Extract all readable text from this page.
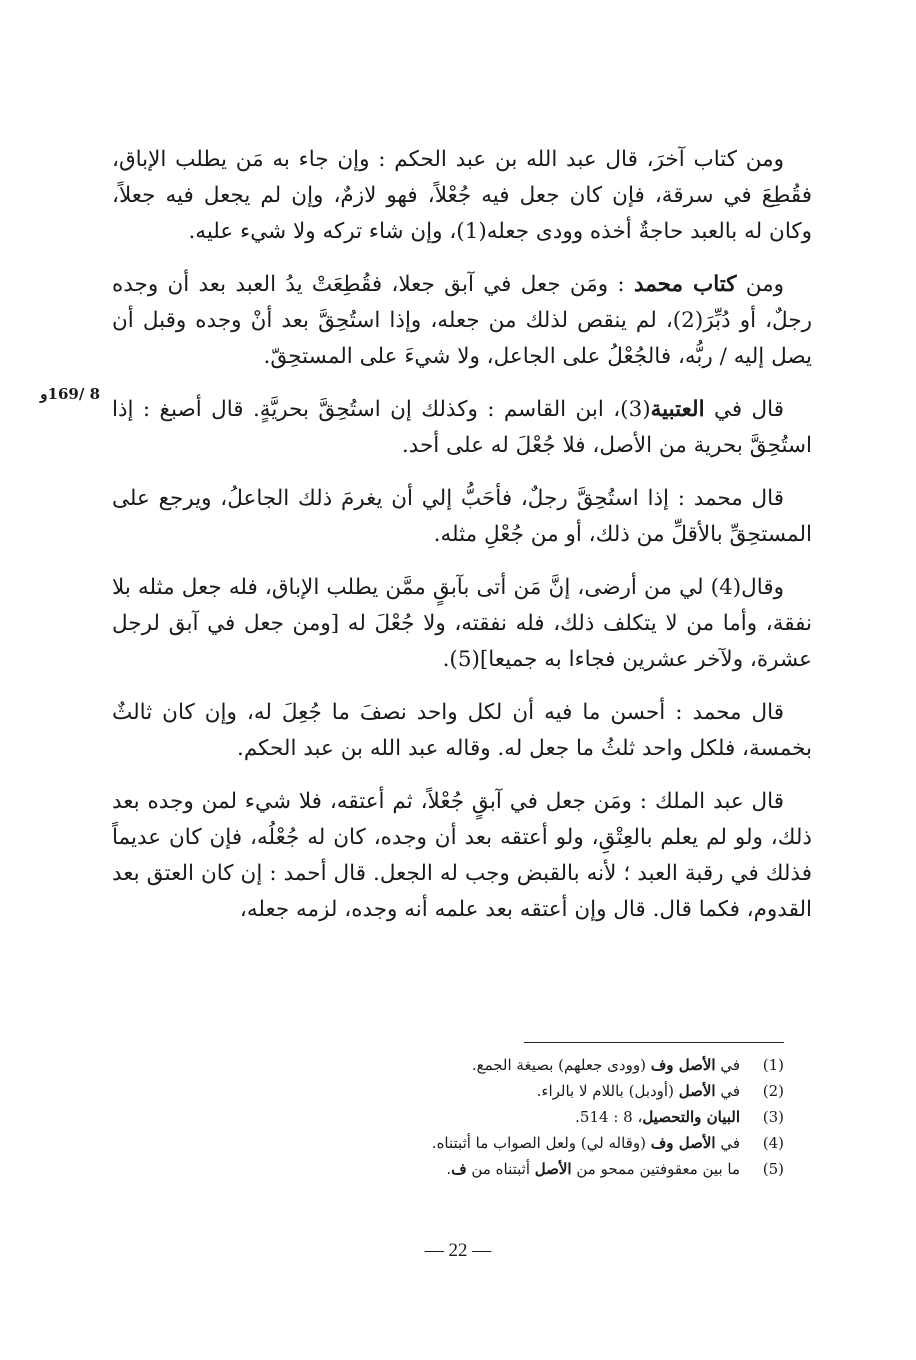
ومن كتاب آخرَ، قال عبد الله بن عبد الحكم : وإن جاء به مَن يطلب الإباق، فقُطِعَ في سرقة، فإن كان جعل فيه جُعْلاً، فهو لازمٌ، وإن لم يجعل فيه جعلاً، وكان له بالعبد حاجةٌ أخذه وودى جعله(1)، وإن شاء تركه ولا شيء عليه.

ومن كتاب محمد : ومَن جعل في آبق جعلا، فقُطِعَتْ يدُ العبد بعد أن وجده رجلٌ، أو دُبِّرَ(2)، لم ينقص لذلك من جعله، وإذا استُحِقَّ بعد أنْ وجده وقبل أن يصل إليه / ربُّه، فالجُعْلُ على الجاعل، ولا شيءَ على المستحِقّ.

قال في العتبية(3)، ابن القاسم : وكذلك إن استُحِقَّ بحريَّةٍ. قال أصبغ : إذا استُحِقَّ بحرية من الأصل، فلا جُعْلَ له على أحد.

قال محمد : إذا استُحِقَّ رجلٌ، فأحَبُّ إلي أن يغرمَ ذلك الجاعلُ، ويرجع على المستحِقِّ بالأقلِّ من ذلك، أو من جُعْلِ مثله.

وقال(4) لي من أرضى، إنَّ مَن أتى بآبقٍ ممَّن يطلب الإباق، فله جعل مثله بلا نفقة، وأما من لا يتكلف ذلك، فله نفقته، ولا جُعْلَ له [ومن جعل في آبق لرجل عشرة، ولآخر عشرين فجاءا به جميعا](5).

قال محمد : أحسن ما فيه أن لكل واحد نصفَ ما جُعِلَ له، وإن كان ثالثٌ بخمسة، فلكل واحد ثلثُ ما جعل له. وقاله عبد الله بن عبد الحكم.

قال عبد الملك : ومَن جعل في آبقٍ جُعْلاً، ثم أعتقه، فلا شيء لمن وجده بعد ذلك، ولو لم يعلم بالعِتْقِ، ولو أعتقه بعد أن وجده، كان له جُعْلُه، فإن كان عديماً فذلك في رقبة العبد ؛ لأنه بالقبض وجب له الجعل. قال أحمد : إن كان العتق بعد القدوم، فكما قال. قال وإن أعتقه بعد علمه أنه وجده، لزمه جعله،

8 /169و
(1)
في الأصل وف (وودى جعلهم) بصيغة الجمع.
(2)
في الأصل (أودبل) باللام لا بالراء.
(3)
البيان والتحصيل، 8 : 514.
(4)
في الأصل وف (وقاله لي) ولعل الصواب ما أثبتناه.
(5)
ما بين معقوفتين ممحو من الأصل أثبتناه من ف.
— 22 —
